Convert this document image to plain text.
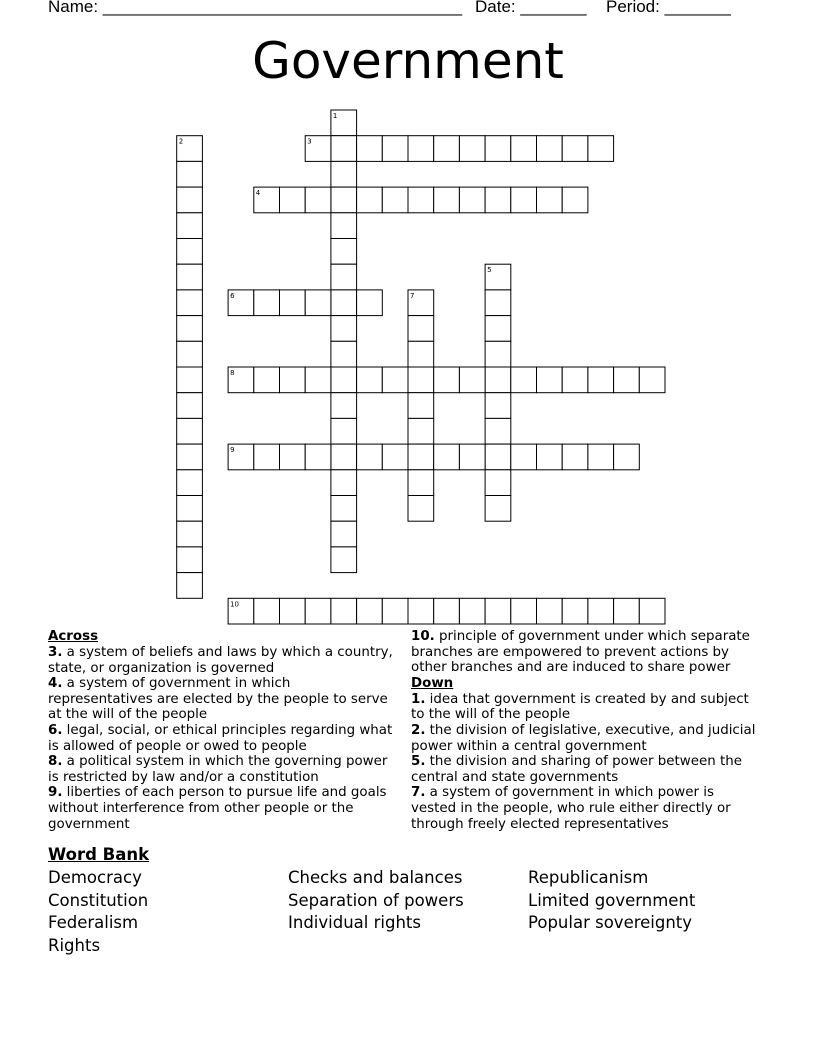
Name: ______________________________________ Date: _______ Period: _______
Government
1
2	3
4
5
6	7
8
9
10
Across

3. a system of beliefs and laws by which a country, state, or organization is governed

4. a system of government in which representatives are elected by the people to serve at the will of the people

6. legal, social, or ethical principles regarding what is allowed of people or owed to people

8. a political system in which the governing power is restricted by law and/or a constitution

9. liberties of each person to pursue life and goals without interference from other people or the government

10. principle of government under which separate branches are empowered to prevent actions by other branches and are induced to share power

Down

1. idea that government is created by and subject to the will of the people

2. the division of legislative, executive, and judicial power within a central government

5. the division and sharing of power between the central and state governments

7. a system of government in which power is vested in the people, who rule either directly or through freely elected representatives

Word Bank
Democracy	Checks and balances	Republicanism
Constitution	Separation of powers	Limited government
Federalism	Individual rights	Popular sovereignty
Rights
